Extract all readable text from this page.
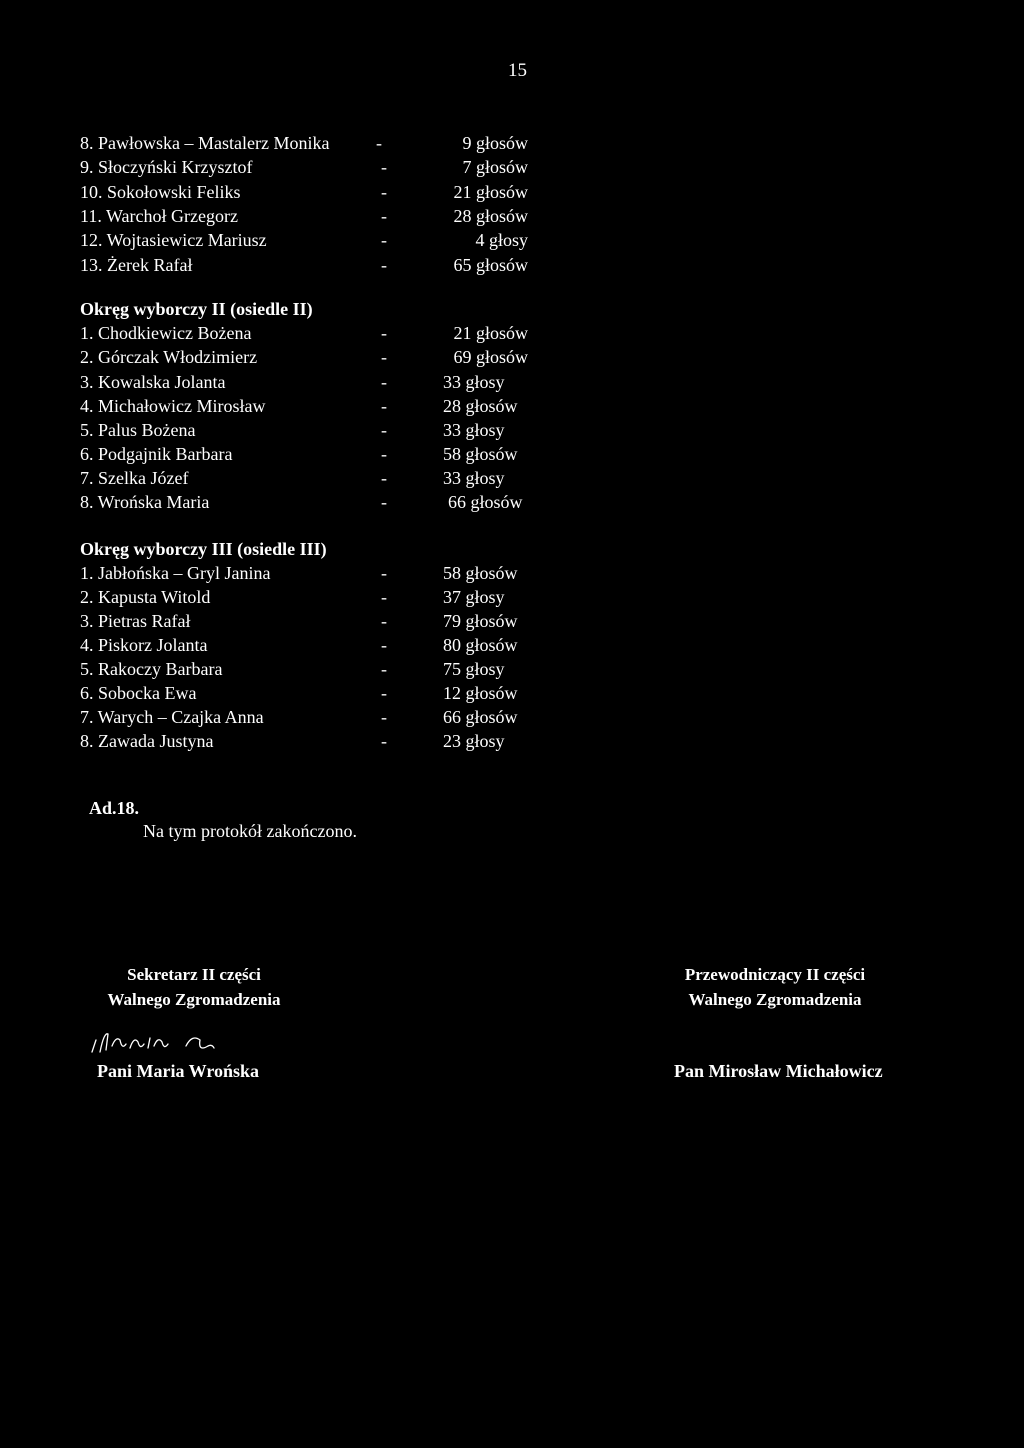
15
8. Pawłowska – Mastalerz Monika	-	9 głosów
9. Słoczyński Krzysztof	-	7 głosów
10. Sokołowski Feliks	-	21 głosów
11. Warchoł Grzegorz	-	28 głosów
12. Wojtasiewicz Mariusz	-	4 głosy
13. Żerek Rafał	-	65 głosów
Okręg wyborczy II (osiedle II)
1. Chodkiewicz Bożena	-	21 głosów
2. Górczak Włodzimierz	-	69 głosów
3. Kowalska Jolanta	-	33 głosy
4. Michałowicz Mirosław	-	28 głosów
5. Palus Bożena	-	33 głosy
6. Podgajnik Barbara	-	58 głosów
7. Szelka Józef	-	33 głosy
8. Wrońska Maria	-	66 głosów
Okręg wyborczy III (osiedle III)
1. Jabłońska – Gryl Janina	-	58 głosów
2. Kapusta Witold	-	37 głosy
3. Pietras Rafał	-	79 głosów
4. Piskorz Jolanta	-	80 głosów
5. Rakoczy Barbara	-	75 głosy
6. Sobocka Ewa	-	12 głosów
7. Warych – Czajka Anna	-	66 głosów
8. Zawada Justyna	-	23 głosy
Ad.18.
Na tym protokół zakończono.
Sekretarz II części
Walnego Zgromadzenia
Pani Maria Wrońska
Przewodniczący II części
Walnego Zgromadzenia
Pan Mirosław Michałowicz
